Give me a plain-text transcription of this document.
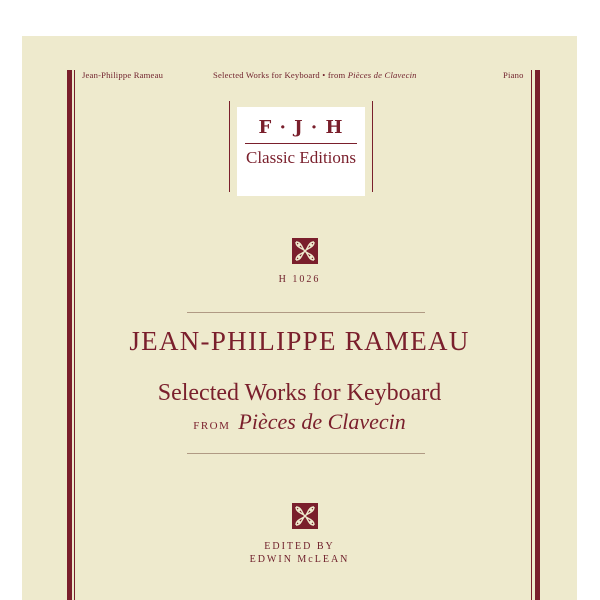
Jean-Philippe Rameau	Selected Works for Keyboard • from Pièces de Clavecin	Piano
F · J · H
Classic Editions
H 1026
JEAN-PHILIPPE RAMEAU
Selected Works for Keyboard
FROM Pièces de Clavecin
EDITED BY
EDWIN McLEAN
